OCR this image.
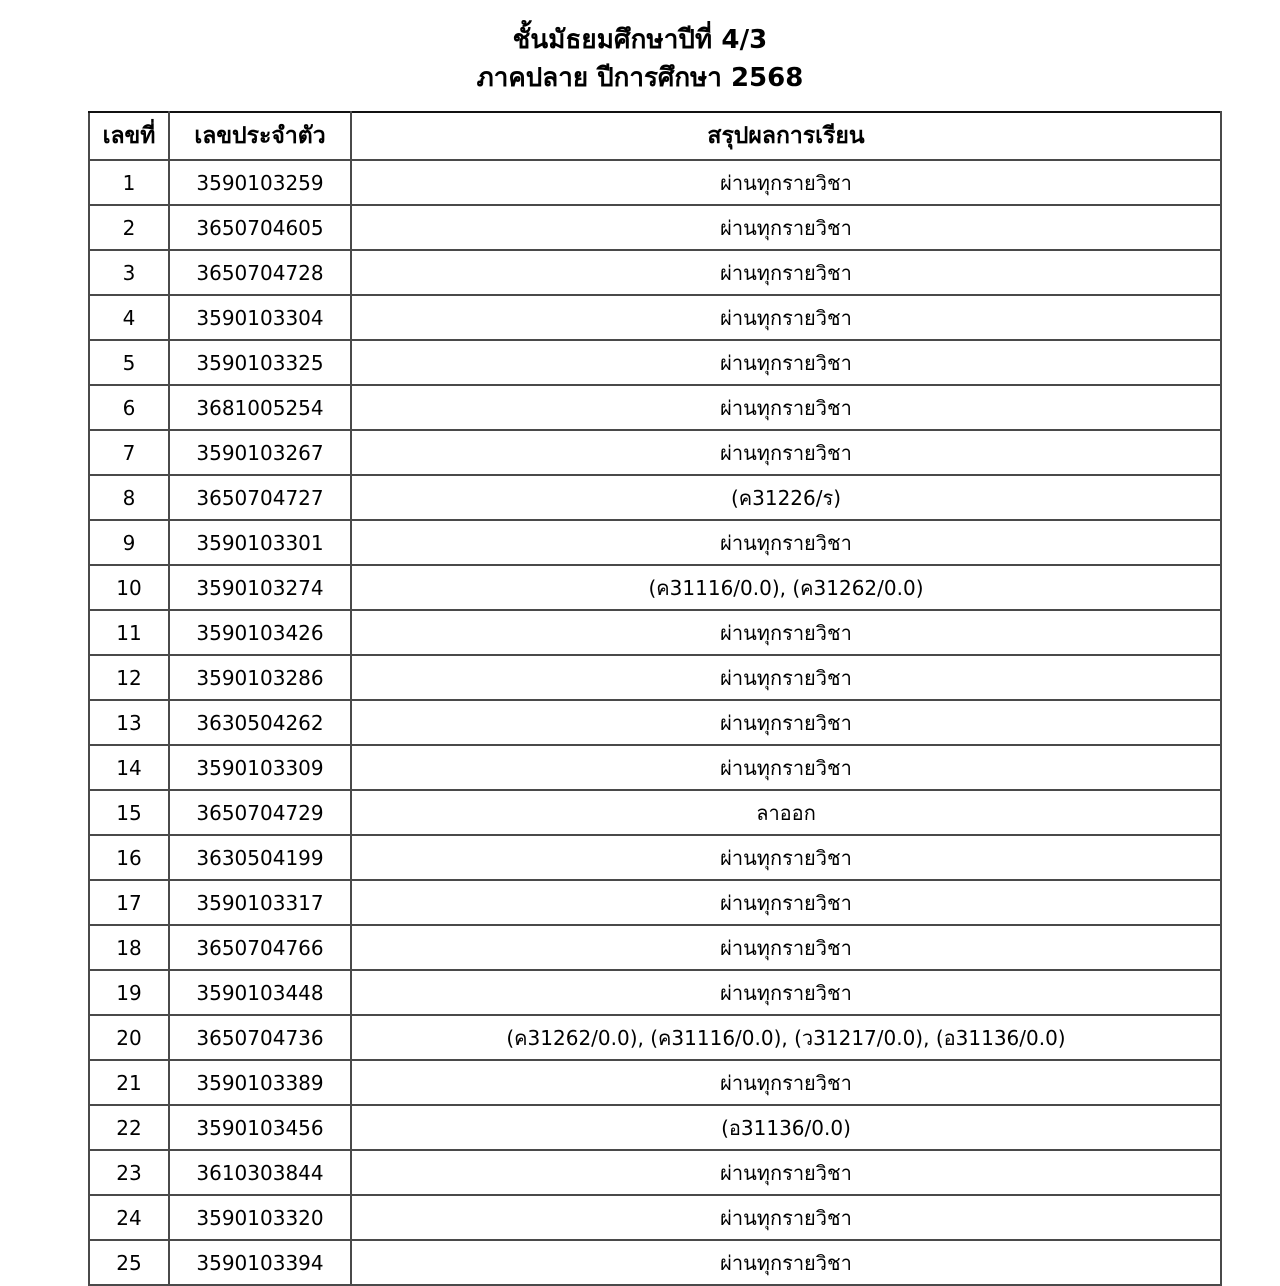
ชั้นมัธยมศึกษาปีที่ 4/3
ภาคปลาย ปีการศึกษา 2568
เลขที่	เลขประจำตัว	สรุปผลการเรียน
1	3590103259	ผ่านทุกรายวิชา
2	3650704605	ผ่านทุกรายวิชา
3	3650704728	ผ่านทุกรายวิชา
4	3590103304	ผ่านทุกรายวิชา
5	3590103325	ผ่านทุกรายวิชา
6	3681005254	ผ่านทุกรายวิชา
7	3590103267	ผ่านทุกรายวิชา
8	3650704727	(ค31226/ร)
9	3590103301	ผ่านทุกรายวิชา
10	3590103274	(ค31116/0.0), (ค31262/0.0)
11	3590103426	ผ่านทุกรายวิชา
12	3590103286	ผ่านทุกรายวิชา
13	3630504262	ผ่านทุกรายวิชา
14	3590103309	ผ่านทุกรายวิชา
15	3650704729	ลาออก
16	3630504199	ผ่านทุกรายวิชา
17	3590103317	ผ่านทุกรายวิชา
18	3650704766	ผ่านทุกรายวิชา
19	3590103448	ผ่านทุกรายวิชา
20	3650704736	(ค31262/0.0), (ค31116/0.0), (ว31217/0.0), (อ31136/0.0)
21	3590103389	ผ่านทุกรายวิชา
22	3590103456	(อ31136/0.0)
23	3610303844	ผ่านทุกรายวิชา
24	3590103320	ผ่านทุกรายวิชา
25	3590103394	ผ่านทุกรายวิชา
